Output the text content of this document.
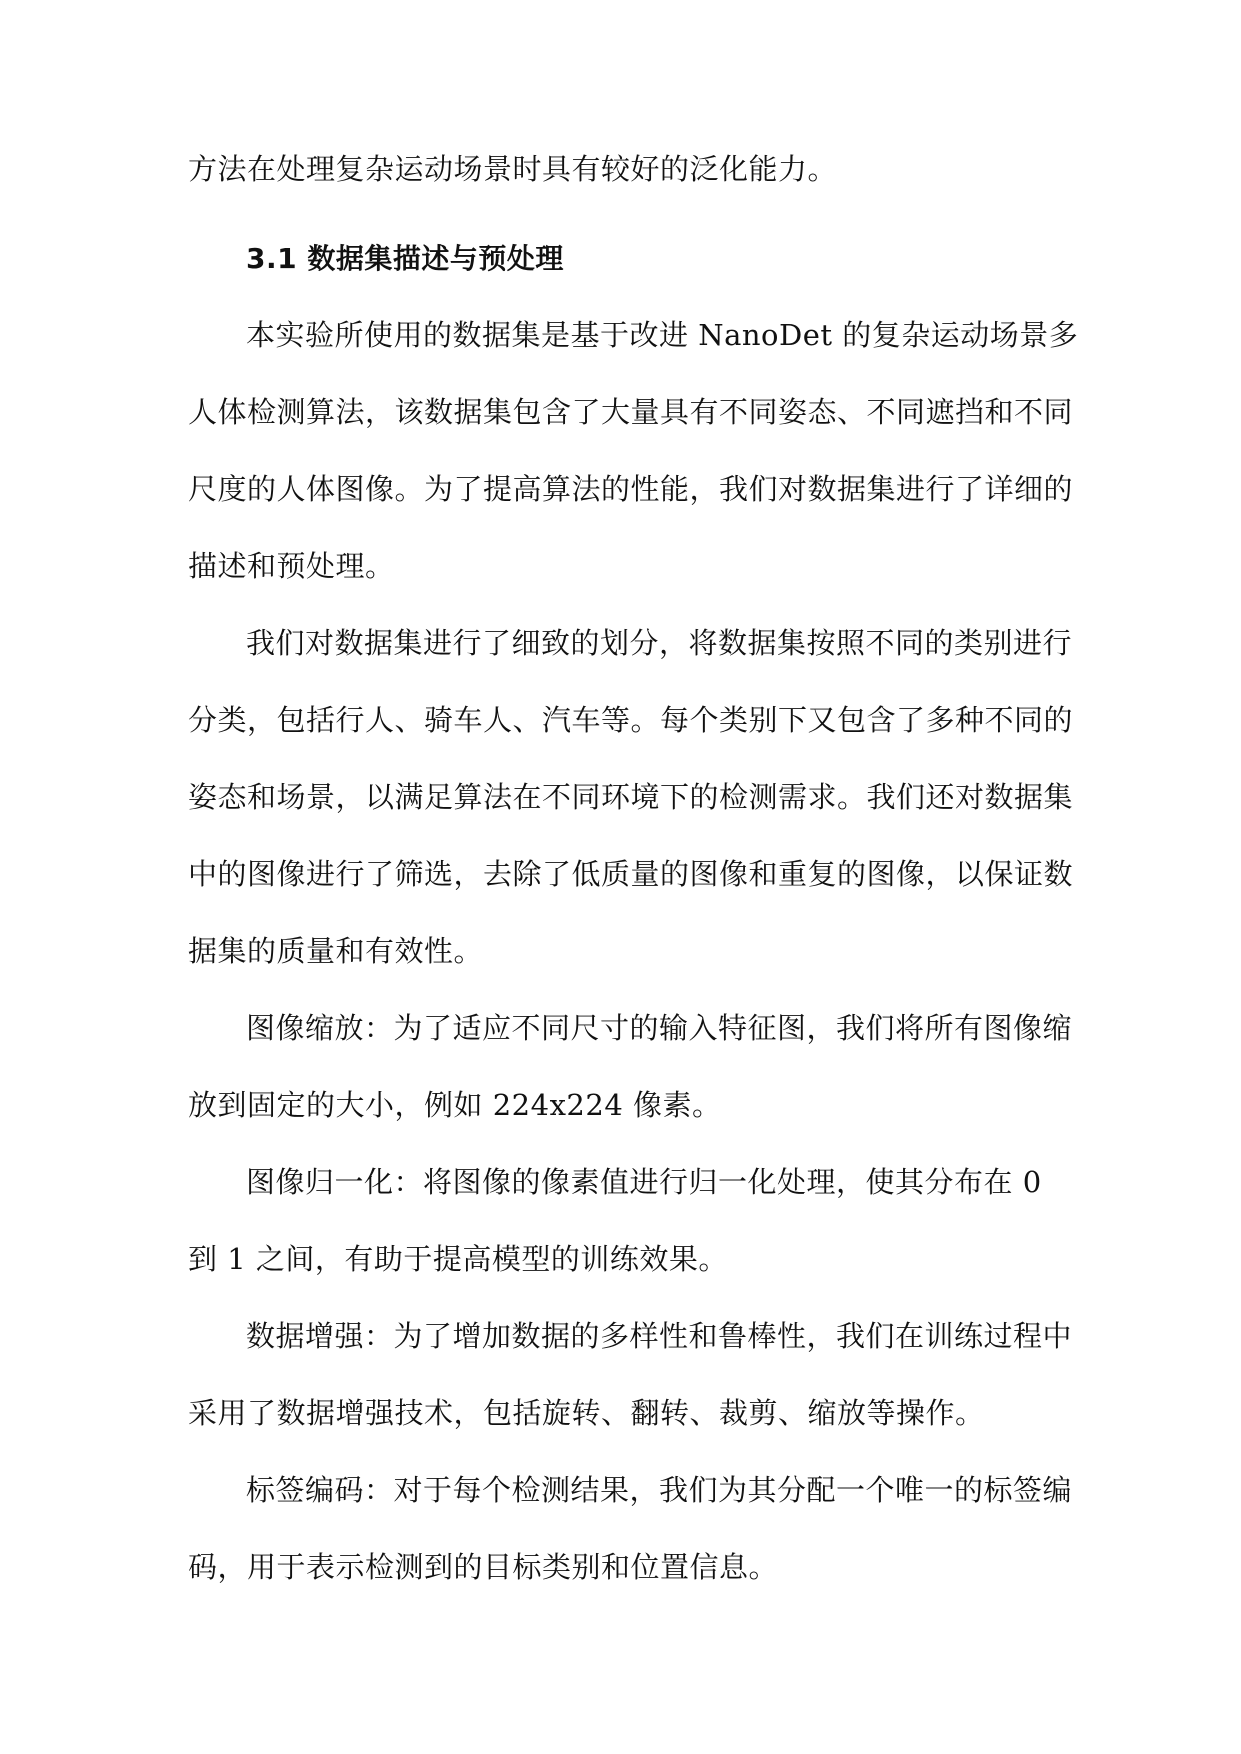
方法在处理复杂运动场景时具有较好的泛化能力。
3.1 数据集描述与预处理
本实验所使用的数据集是基于改进 NanoDet 的复杂运动场景多
人体检测算法，该数据集包含了大量具有不同姿态、不同遮挡和不同
尺度的人体图像。为了提高算法的性能，我们对数据集进行了详细的
描述和预处理。
我们对数据集进行了细致的划分，将数据集按照不同的类别进行
分类，包括行人、骑车人、汽车等。每个类别下又包含了多种不同的
姿态和场景，以满足算法在不同环境下的检测需求。我们还对数据集
中的图像进行了筛选，去除了低质量的图像和重复的图像，以保证数
据集的质量和有效性。
图像缩放：为了适应不同尺寸的输入特征图，我们将所有图像缩
放到固定的大小，例如 224x224 像素。
图像归一化：将图像的像素值进行归一化处理，使其分布在 0
到 1 之间，有助于提高模型的训练效果。
数据增强：为了增加数据的多样性和鲁棒性，我们在训练过程中
采用了数据增强技术，包括旋转、翻转、裁剪、缩放等操作。
标签编码：对于每个检测结果，我们为其分配一个唯一的标签编
码，用于表示检测到的目标类别和位置信息。
